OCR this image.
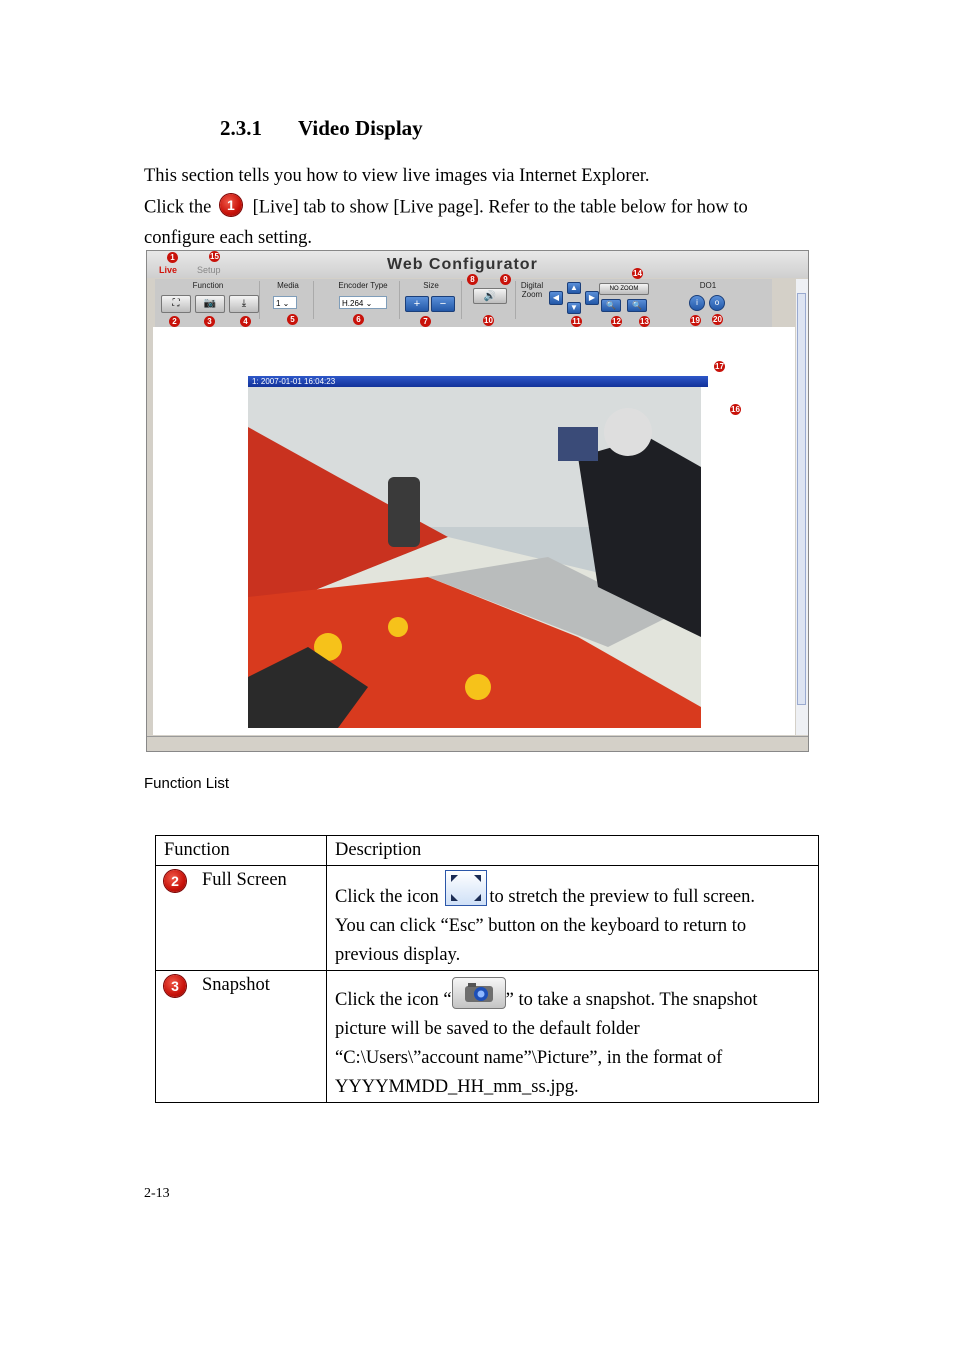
2.3.1 Video Display
This section tells you how to view live images via Internet Explorer.
Click the 1 [Live] tab to show [Live page]. Refer to the table below for how to
configure each setting.
Live Setup	Web Configurator
Function
⛶	📷	⤓
Media
1 ⌄
Encoder Type
H.264 ⌄
Size
+	−
🔊
Digital Zoom	◀
▲
▼
▶
NO ZOOM
🔍	🔍
DO1
i	o
1: 2007-01-01 16:04:23
1
2	3	4	5	6	7
8	9
10	11	12 13
14
15
16
17
19 20
Function List
Function	Description
2 Full Screen	Click the icon to stretch the preview to full screen.
You can click “Esc” button on the keyboard to return to
previous display.

3 Snapshot	Click the icon “ ” to take a snapshot. The snapshot
picture will be saved to the default folder
“C:\Users\”account name”\Picture”, in the format of
YYYYMMDD_HH_mm_ss.jpg.
2-13
